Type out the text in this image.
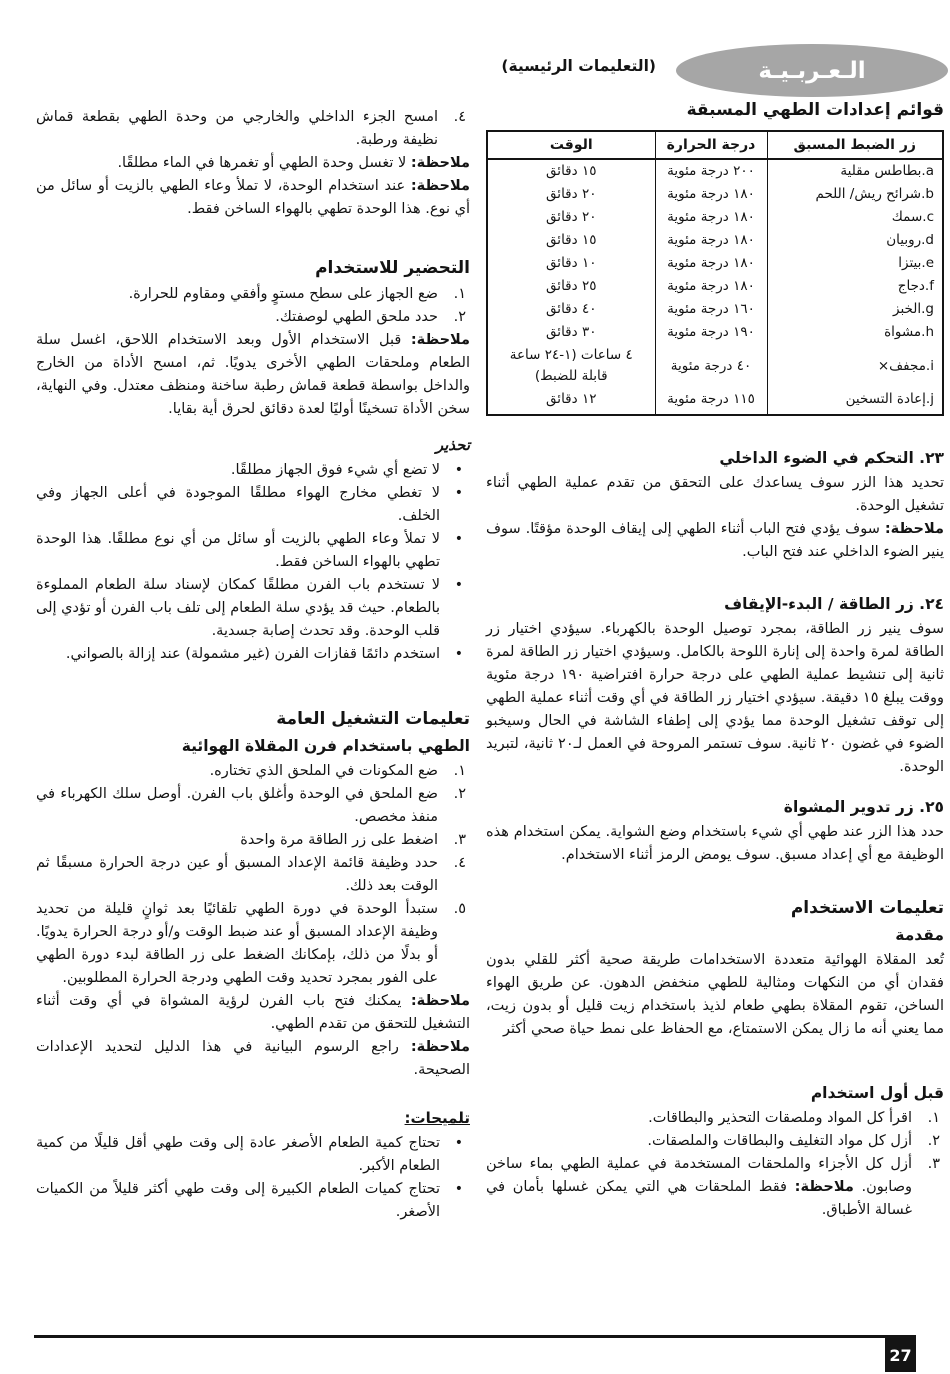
الـعـربـيـة
(التعليمات الرئيسية)
قوائم إعدادات الطهي المسبقة
زر الضبط المسبق	درجة الحرارة	الوقت
a.بطاطس مقلية	٢٠٠ درجة مئوية	١٥ دقائق
b.شرائح ريش/ اللحم	١٨٠ درجة مئوية	٢٠ دقائق
c.سمك	١٨٠ درجة مئوية	٢٠ دقائق
d.روبيان	١٨٠ درجة مئوية	١٥ دقائق
e.بيتزا	١٨٠ درجة مئوية	١٠ دقائق
f.دجاج	١٨٠ درجة مئوية	٢٥ دقائق
g.الخبز	١٦٠ درجة مئوية	٤٠ دقائق
h.مشواة	١٩٠ درجة مئوية	٣٠ دقائق
i.مجفف×	٤٠ درجة مئوية	٤ ساعات (١-٢٤ ساعة قابلة للضبط)
j.إعادة التسخين	١١٥ درجة مئوية	١٢ دقائق
٢٣. التحكم في الضوء الداخلي

تحديد هذا الزر سوف يساعدك على التحقق من تقدم عملية الطهي أثناء تشغيل الوحدة.

ملاحظة: سوف يؤدي فتح الباب أثناء الطهي إلى إيقاف الوحدة مؤقتًا. سوف ينير الضوء الداخلي عند فتح الباب.

٢٤. زر الطاقة / البدء-الإيقاف

سوف ينير زر الطاقة، بمجرد توصيل الوحدة بالكهرباء. سيؤدي اختيار زر الطاقة لمرة واحدة إلى إنارة اللوحة بالكامل. وسيؤدي اختيار زر الطاقة لمرة ثانية إلى تنشيط عملية الطهي على درجة حرارة افتراضية ١٩٠ درجة مئوية ووقت يبلغ ١٥ دقيقة. سيؤدي اختيار زر الطاقة في أي وقت أثناء عملية الطهي إلى توقف تشغيل الوحدة مما يؤدي إلى إطفاء الشاشة في الحال وسيخبو الضوء في غضون ٢٠ ثانية. سوف تستمر المروحة في العمل لـ٢٠ ثانية، لتبريد الوحدة.

٢٥. زر تدوير المشواة

حدد هذا الزر عند طهي أي شيء باستخدام وضع الشواية. يمكن استخدام هذه الوظيفة مع أي إعداد مسبق. سوف يومض الرمز أثناء الاستخدام.

تعليمات الاستخدام
مقدمة

تُعد المقلاة الهوائية متعددة الاستخدامات طريقة صحية أكثر للقلي بدون فقدان أي من النكهات ومثالية للطهي منخفض الدهون. عن طريق الهواء الساخن، تقوم المقلاة بطهي طعام لذيذ باستخدام زيت قليل أو بدون زيت، مما يعني أنه ما زال يمكن الاستمتاع، مع الحفاظ على نمط حياة صحي أكثر

قبل أول استخدام
١.
اقرأ كل المواد وملصقات التحذير والبطاقات.
٢.
أزل كل مواد التغليف والبطاقات والملصقات.
٣.
أزل كل الأجزاء والملحقات المستخدمة في عملية الطهي بماء ساخن وصابون. ملاحظة: فقط الملحقات هي التي يمكن غسلها بأمان في غسالة الأطباق.
٤.
امسح الجزء الداخلي والخارجي من وحدة الطهي بقطعة قماش نظيفة ورطبة.

ملاحظة: لا تغسل وحدة الطهي أو تغمرها في الماء مطلقًا.

ملاحظة: عند استخدام الوحدة، لا تملأ وعاء الطهي بالزيت أو سائل من أي نوع. هذا الوحدة تطهي بالهواء الساخن فقط.

التحضير للاستخدام
١.
ضع الجهاز على سطح مستوٍ وأفقي ومقاوم للحرارة.
٢.
حدد ملحق الطهي لوصفتك.

ملاحظة: قبل الاستخدام الأول وبعد الاستخدام اللاحق، اغسل سلة الطعام وملحقات الطهي الأخرى يدويًا. ثم، امسح الأداة من الخارج والداخل بواسطة قطعة قماش رطبة ساخنة ومنظف معتدل. وفي النهاية، سخن الأداة تسخينًا أوليًا لعدة دقائق لحرق أية بقايا.

تحذير
•
لا تضع أي شيء فوق الجهاز مطلقًا.
•
لا تغطي مخارج الهواء مطلقًا الموجودة في أعلى الجهاز وفي الخلف.
•
لا تملأ وعاء الطهي بالزيت أو سائل من أي نوع مطلقًا. هذا الوحدة تطهي بالهواء الساخن فقط.
•
لا تستخدم باب الفرن مطلقًا كمكان لإسناد سلة الطعام المملوءة بالطعام. حيث قد يؤدي سلة الطعام إلى تلف باب الفرن أو تؤدي إلى قلب الوحدة. وقد تحدث إصابة جسدية.
•
استخدم دائمًا قفازات الفرن (غير مشمولة) عند إزالة بالصواني.
تعليمات التشغيل العامة
الطهي باستخدام فرن المقلاة الهوائية
١.
ضع المكونات في الملحق الذي تختاره.
٢.
ضع الملحق في الوحدة وأغلق باب الفرن. أوصل سلك الكهرباء في منفذ مخصص.
٣.
اضغط على زر الطاقة مرة واحدة
٤.
حدد وظيفة قائمة الإعداد المسبق أو عين درجة الحرارة مسبقًا ثم الوقت بعد ذلك.
٥.
ستبدأ الوحدة في دورة الطهي تلقائيًا بعد ثوانٍ قليلة من تحديد وظيفة الإعداد المسبق أو عند ضبط الوقت و/أو درجة الحرارة يدويًا. أو بدلًا من ذلك، بإمكانك الضغط على زر الطاقة لبدء دورة الطهي على الفور بمجرد تحديد وقت الطهي ودرجة الحرارة المطلوبين.

ملاحظة: يمكنك فتح باب الفرن لرؤية المشواة في أي وقت أثناء التشغيل للتحقق من تقدم الطهي.

ملاحظة: راجع الرسوم البيانية في هذا الدليل لتحديد الإعدادات الصحيحة.

تلميحات:
•
تحتاج كمية الطعام الأصغر عادة إلى وقت طهي أقل قليلًا من كمية الطعام الأكبر.
•
تحتاج كميات الطعام الكبيرة إلى وقت طهي أكثر قليلاً من الكميات الأصغر.
27
